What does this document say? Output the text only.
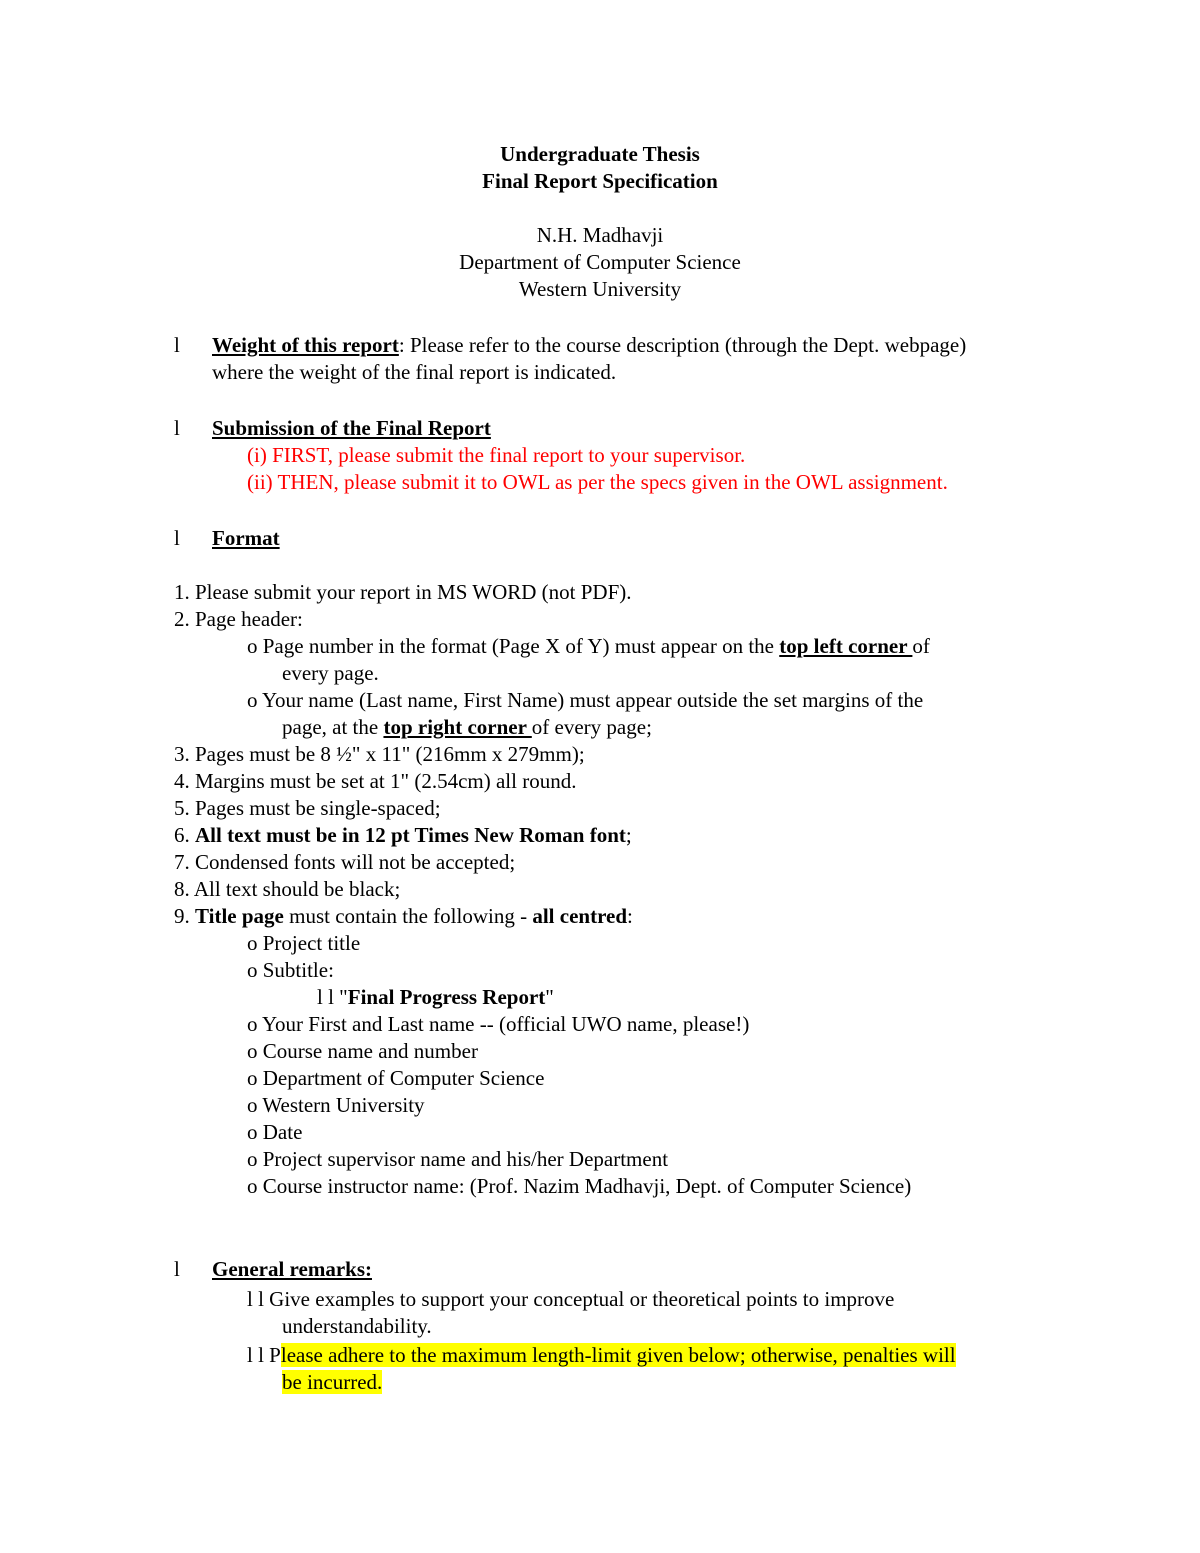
Undergraduate Thesis
Final Report Specification
N.H. Madhavji
Department of Computer Science
Western University
l Weight of this report: Please refer to the course description (through the Dept. webpage)
where the weight of the final report is indicated.
l Submission of the Final Report
(i) FIRST, please submit the final report to your supervisor.
(ii) THEN, please submit it to OWL as per the specs given in the OWL assignment.
l Format
1. Please submit your report in MS WORD (not PDF).
2. Page header:
o Page number in the format (Page X of Y) must appear on the top left corner of
every page.
o Your name (Last name, First Name) must appear outside the set margins of the
page, at the top right corner of every page;
3. Pages must be 8 ½" x 11" (216mm x 279mm);
4. Margins must be set at 1" (2.54cm) all round.
5. Pages must be single-spaced;
6. All text must be in 12 pt Times New Roman font;
7. Condensed fonts will not be accepted;
8. All text should be black;
9. Title page must contain the following - all centred:
o Project title
o Subtitle:
l l "Final Progress Report"
o Your First and Last name -- (official UWO name, please!)
o Course name and number
o Department of Computer Science
o Western University
o Date
o Project supervisor name and his/her Department
o Course instructor name: (Prof. Nazim Madhavji, Dept. of Computer Science)
l General remarks:
l l Give examples to support your conceptual or theoretical points to improve
understandability.
l l Please adhere to the maximum length-limit given below; otherwise, penalties will
be incurred.
